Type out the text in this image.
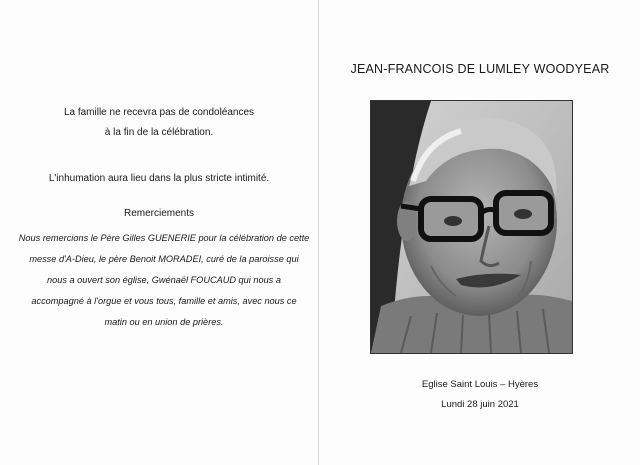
La famille ne recevra pas de condoléances
à la fin de la célébration.
L'inhumation aura lieu dans la plus stricte intimité.
Remerciements
Nous remercions le Père Gilles GUENERIE pour la célébration de cette
messe d'A-Dieu, le père Benoit MORADEI, curé de la paroisse qui
nous a ouvert son église, Gwénaël FOUCAUD qui nous a
accompagné à l'orgue et vous tous, famille et amis, avec nous ce
matin ou en union de prières.
JEAN-FRANCOIS DE LUMLEY WOODYEAR
Eglise Saint Louis – Hyères
Lundi 28 juin 2021
